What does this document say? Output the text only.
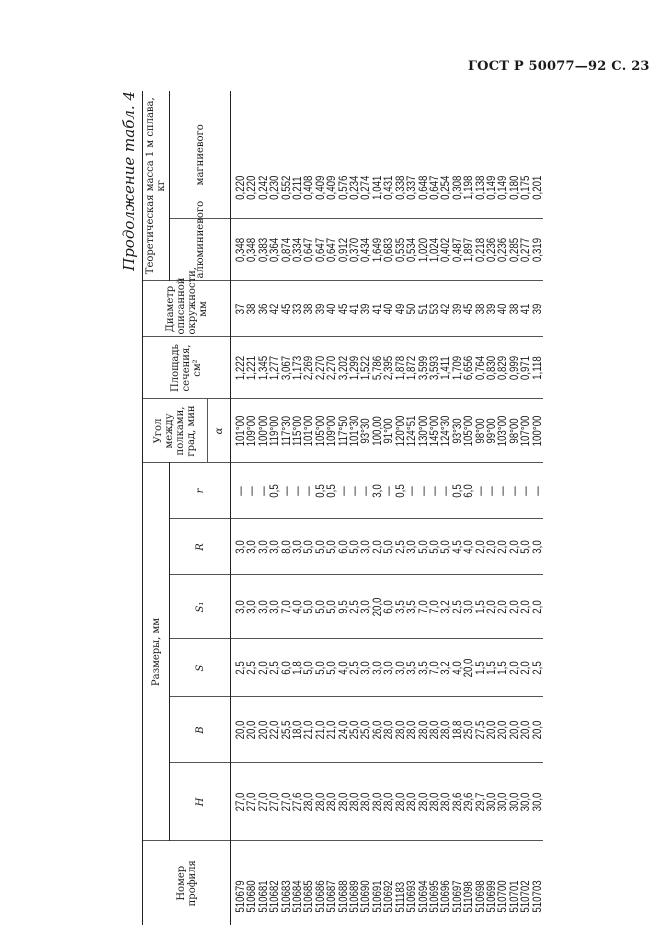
ГОСТ Р 50077—92 С. 23
Продолжение табл. 4
Номер профиля	Размеры, мм						Угол между полками, град, мин	Площадь сечения, см²	Диаметр описанной окружности, мм	Теоретическая масса 1 м сплава, кг	
	H	B	S	S₁	R	r				алюминиевого	магниевого
							α				
510679	27,0	20,0	2,5	3,0	3,0	—	101°00	1,222	37	0,348	0,220
510680	27,0	20,0	2,5	3,0	3,0	—	109°00	1,221	38	0,348	0,220
510681	27,0	20,0	2,0	3,0	3,0	—	100°00	1,345	36	0,383	0,242
510682	27,0	22,0	2,5	3,0	3,0	0,5	119°00	1,277	42	0,364	0,230
510683	27,0	25,5	6,0	7,0	8,0	—	117°30	3,067	45	0,874	0,552
510684	27,6	18,0	1,8	4,0	3,0	—	115°00	1,173	33	0,334	0,211
510685	28,0	21,0	5,0	5,0	5,0	—	101°00	2,269	38	0,647	0,408
510686	28,0	21,0	5,0	5,0	5,0	0,5	105°00	2,270	39	0,647	0,409
510687	28,0	21,0	5,0	5,0	5,0	0,5	109°00	2,270	40	0,647	0,409
510688	28,0	24,0	4,0	9,5	6,0	—	117°50	3,202	45	0,912	0,576
510689	28,0	25,0	2,5	2,5	5,0	—	101°30	1,299	41	0,370	0,234
510690	28,0	25,0	3,0	3,0	3,0	—	93°30	1,522	39	0,434	0,274
510691	28,0	26,0	3,0	20,0	2,0	3,0	100,00	5,786	41	1,649	1,041
510692	28,0	28,0	3,0	6,0	5,0	—	91°00	2,395	40	0,683	0,431
511183	28,0	28,0	3,0	3,5	2,5	0,5	120°00	1,878	49	0,535	0,338
510693	28,0	28,0	3,5	3,5	3,0	—	124°51	1,872	50	0,534	0,337
510694	28,0	28,0	3,5	7,0	5,0	—	130°00	3,599	51	1,020	0,648
510695	28,0	28,0	7,0	7,0	5,0	—	145°00	3,593	53	1,024	0,647
510696	28,0	28,0	3,2	3,2	5,0	—	124°30	1,411	42	0,402	0,254
510697	28,6	18,8	4,0	2,5	4,5	0,5	93°30	1,709	39	0,487	0,308
511098	29,6	25,0	20,0	3,0	4,0	6,0	105°00	6,656	45	1,897	1,198
510698	29,7	27,5	1,5	1,5	2,0	—	98°00	0,764	38	0,218	0,138
510699	30,0	20,0	1,5	2,0	2,0	—	99°00	0,830	39	0,236	0,149
510700	30,0	20,0	1,5	2,0	2,0	—	103°00	0,829	40	0,236	0,149
510701	30,0	20,0	2,0	2,0	2,0	—	98°00	0,999	38	0,285	0,180
510702	30,0	20,0	2,0	2,0	5,0	—	107°00	0,971	41	0,277	0,175
510703	30,0	20,0	2,5	2,0	3,0	—	100°00	1,118	39	0,319	0,201
